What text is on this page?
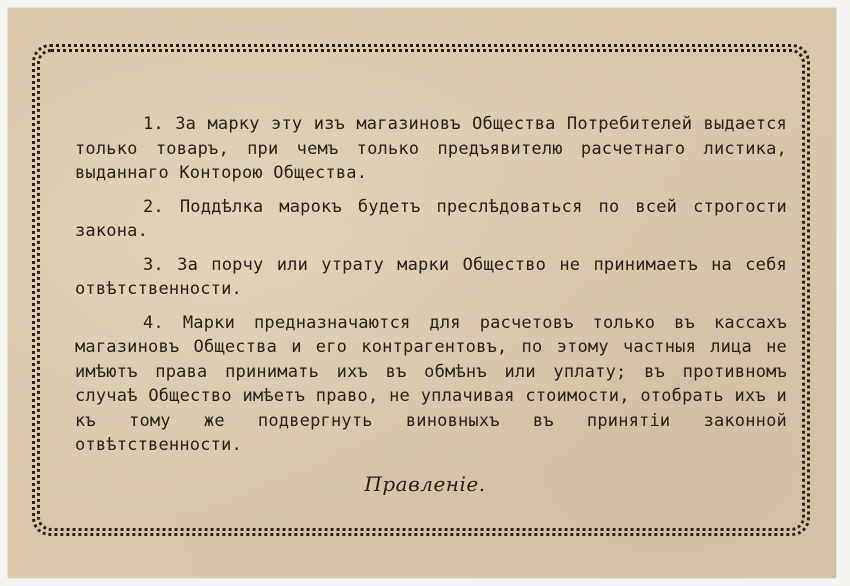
1. За марку эту изъ магазиновъ Общества Потребителей выдается только товаръ, при чемъ только предъявителю расчетнаго листика, выданнаго Конторою Общества.

2. Поддѣлка марокъ будетъ преслѣдоваться по всей строгости закона.

3. За порчу или утрату марки Общество не принимаетъ на себя отвѣтственности.

4. Марки предназначаются для расчетовъ только въ кассахъ магазиновъ Общества и его контрагентовъ, по этому частныя лица не имѣютъ права принимать ихъ въ обмѣнъ или уплату; въ противномъ случаѣ Общество имѣетъ право, не уплачивая стоимости, отобрать ихъ и къ тому же подвергнуть виновныхъ въ принятіи законной отвѣтственности.

Правленіе.
